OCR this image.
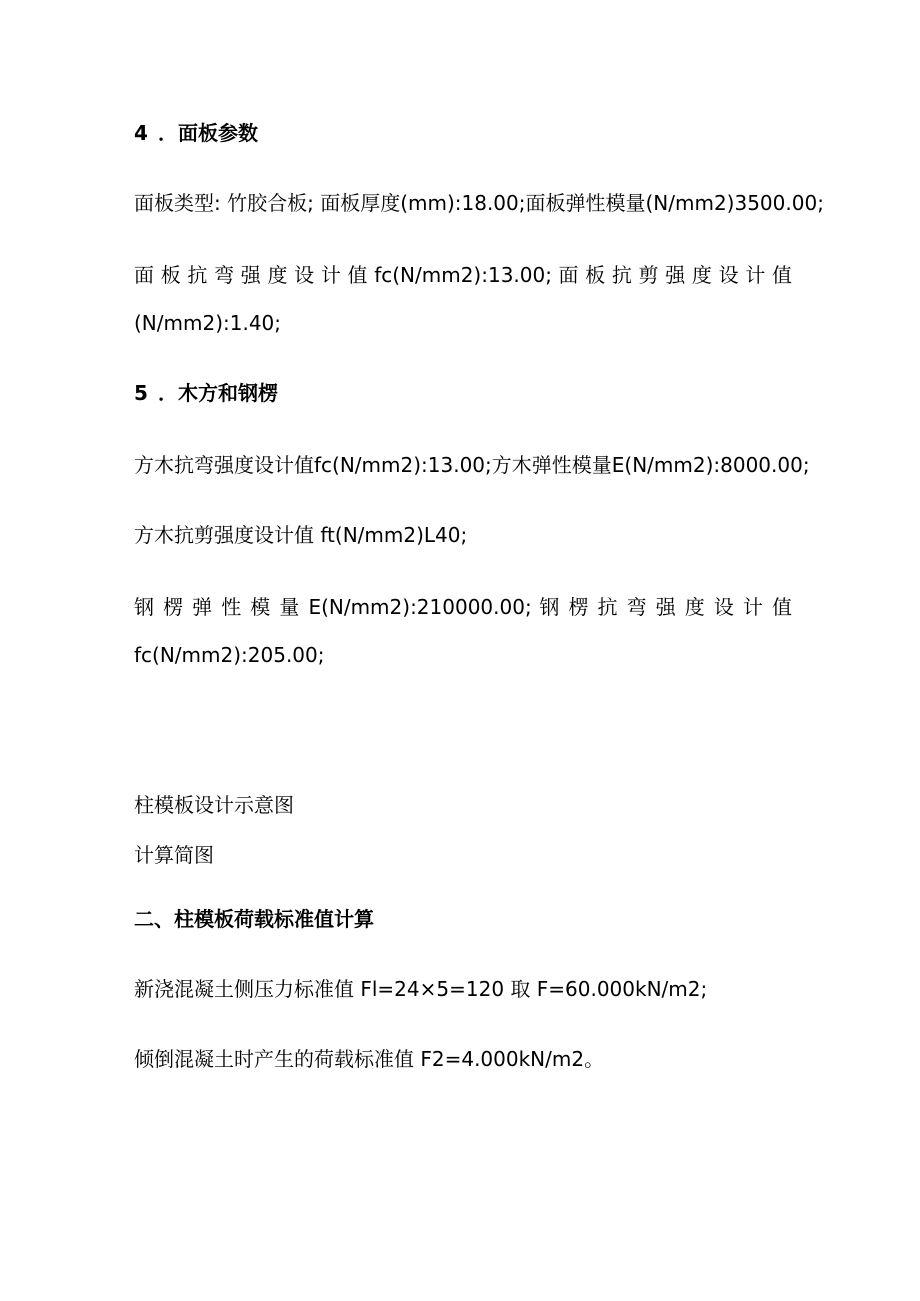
4 ．面板参数

面板类型: 竹胶合板; 面板厚度(mm):18.00;面板弹性模量(N/mm2)3500.00;

面 板 抗 弯 强 度 设 计 值 fc(N/mm2):13.00; 面 板 抗 剪 强 度 设 计 值

(N/mm2):1.40;

5 ．木方和钢楞

方木抗弯强度设计值fc(N/mm2):13.00;方木弹性模量E(N/mm2):8000.00;

方木抗剪强度设计值 ft(N/mm2)L40;

钢 楞 弹 性 模 量 E(N/mm2):210000.00; 钢 楞 抗 弯 强 度 设 计 值

fc(N/mm2):205.00;

柱模板设计示意图

计算简图

二、柱模板荷载标准值计算

新浇混凝土侧压力标准值 Fl=24×5=120 取 F=60.000kN/m2;

倾倒混凝土时产生的荷载标准值 F2=4.000kN/m2。
